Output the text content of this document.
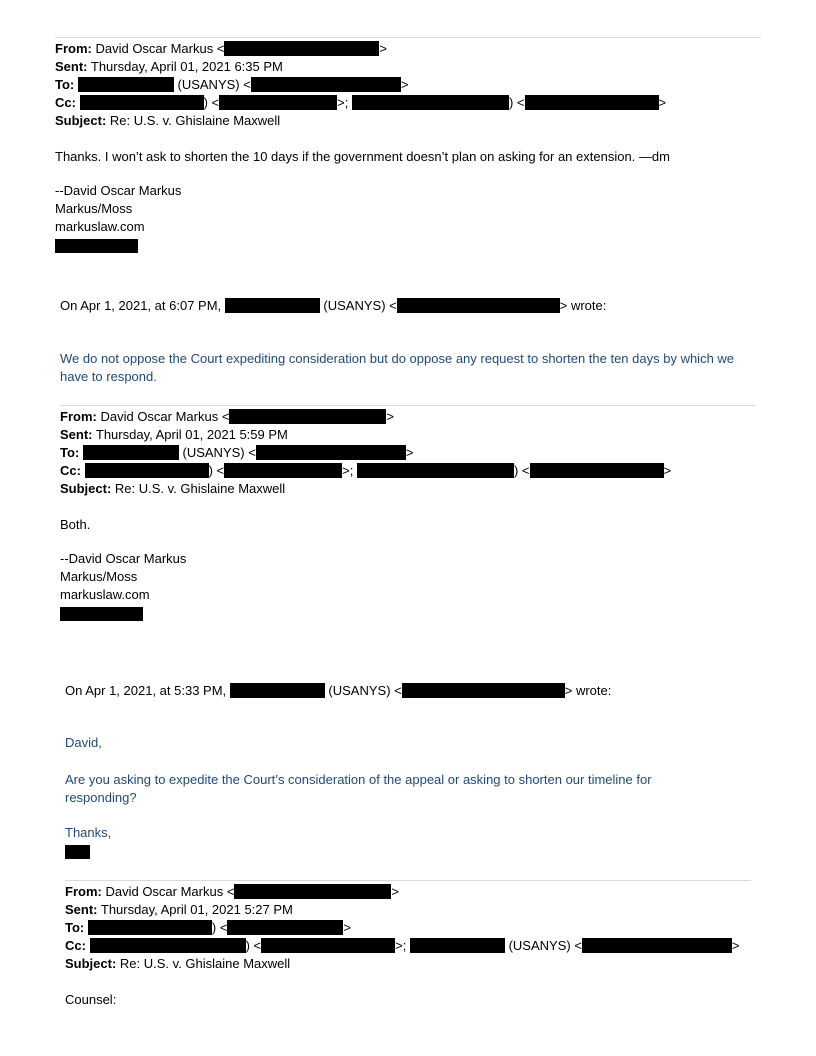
From: David Oscar Markus <	>
Sent: Thursday, April 01, 2021 6:35 PM
To:	(USANYS) <	>
Cc:	) <	>;	) <	>
Subject: Re: U.S. v. Ghislaine Maxwell
Thanks. I won’t ask to shorten the 10 days if the government doesn’t plan on asking for an extension. —dm
--David Oscar Markus
Markus/Moss
markuslaw.com
On Apr 1, 2021, at 6:07 PM,	(USANYS) <	> wrote:
We do not oppose the Court expediting consideration but do oppose any request to shorten the ten days by which we have to respond.
From: David Oscar Markus <	>
Sent: Thursday, April 01, 2021 5:59 PM
To:	(USANYS) <	>
Cc:	) <	>;	) <	>
Subject: Re: U.S. v. Ghislaine Maxwell
Both.
--David Oscar Markus
Markus/Moss
markuslaw.com
On Apr 1, 2021, at 5:33 PM,	(USANYS) <	> wrote:
David,
Are you asking to expedite the Court’s consideration of the appeal or asking to shorten our timeline for responding?
Thanks,
From: David Oscar Markus <	>
Sent: Thursday, April 01, 2021 5:27 PM
To:	) <	>
Cc:	) <	>;	(USANYS) <	>
Subject: Re: U.S. v. Ghislaine Maxwell
Counsel:
